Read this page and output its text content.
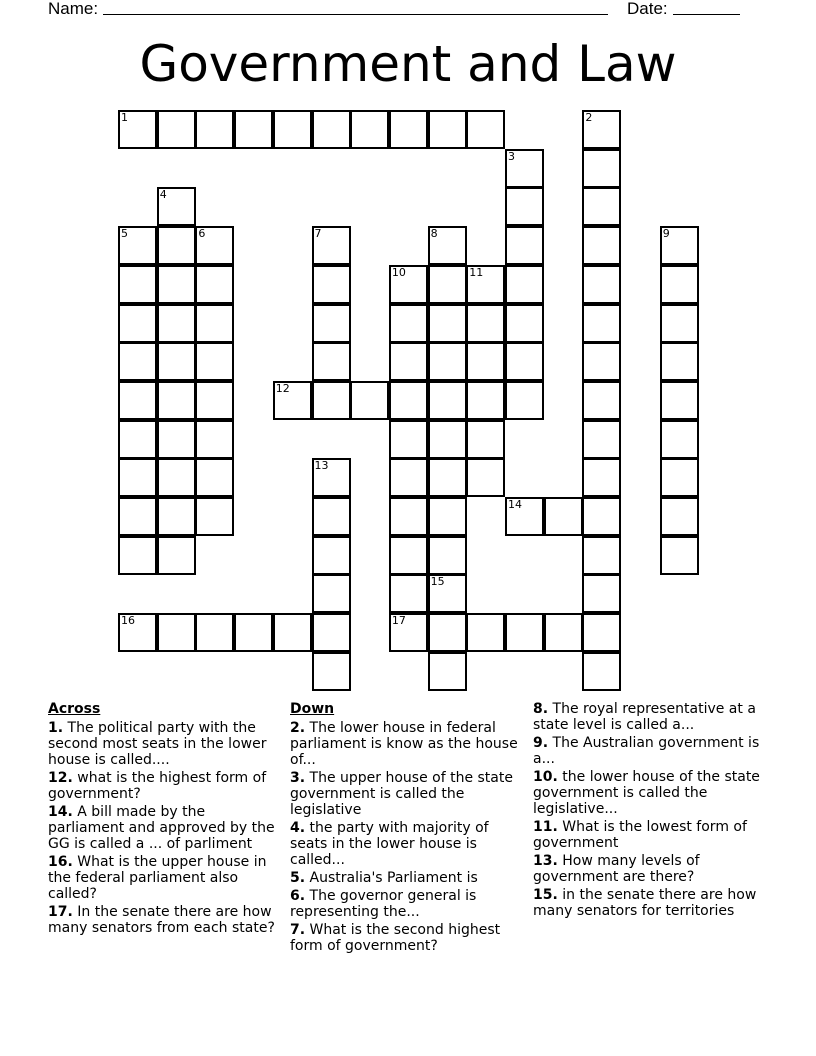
Name:	Date:
Government and Law
1	2
3
4
5	6	7	8	9
10	11
12
13
14
16
15
17
Across
1. The political party with the second most seats in the lower house is called....
12. what is the highest form of government?
14. A bill made by the parliament and approved by the GG is called a ... of parliment
16. What is the upper house in the federal parliament also called?
17. In the senate there are how many senators from each state?
Down
2. The lower house in federal parliament is know as the house of...
3. The upper house of the state government is called the legislative
4. the party with majority of seats in the lower house is called...
5. Australia's Parliament is
6. The governor general is representing the...
7. What is the second highest form of government?
8. The royal representative at a state level is called a...
9. The Australian government is a...
10. the lower house of the state government is called the legislative...
11. What is the lowest form of government
13. How many levels of government are there?
15. in the senate there are how many senators for territories
